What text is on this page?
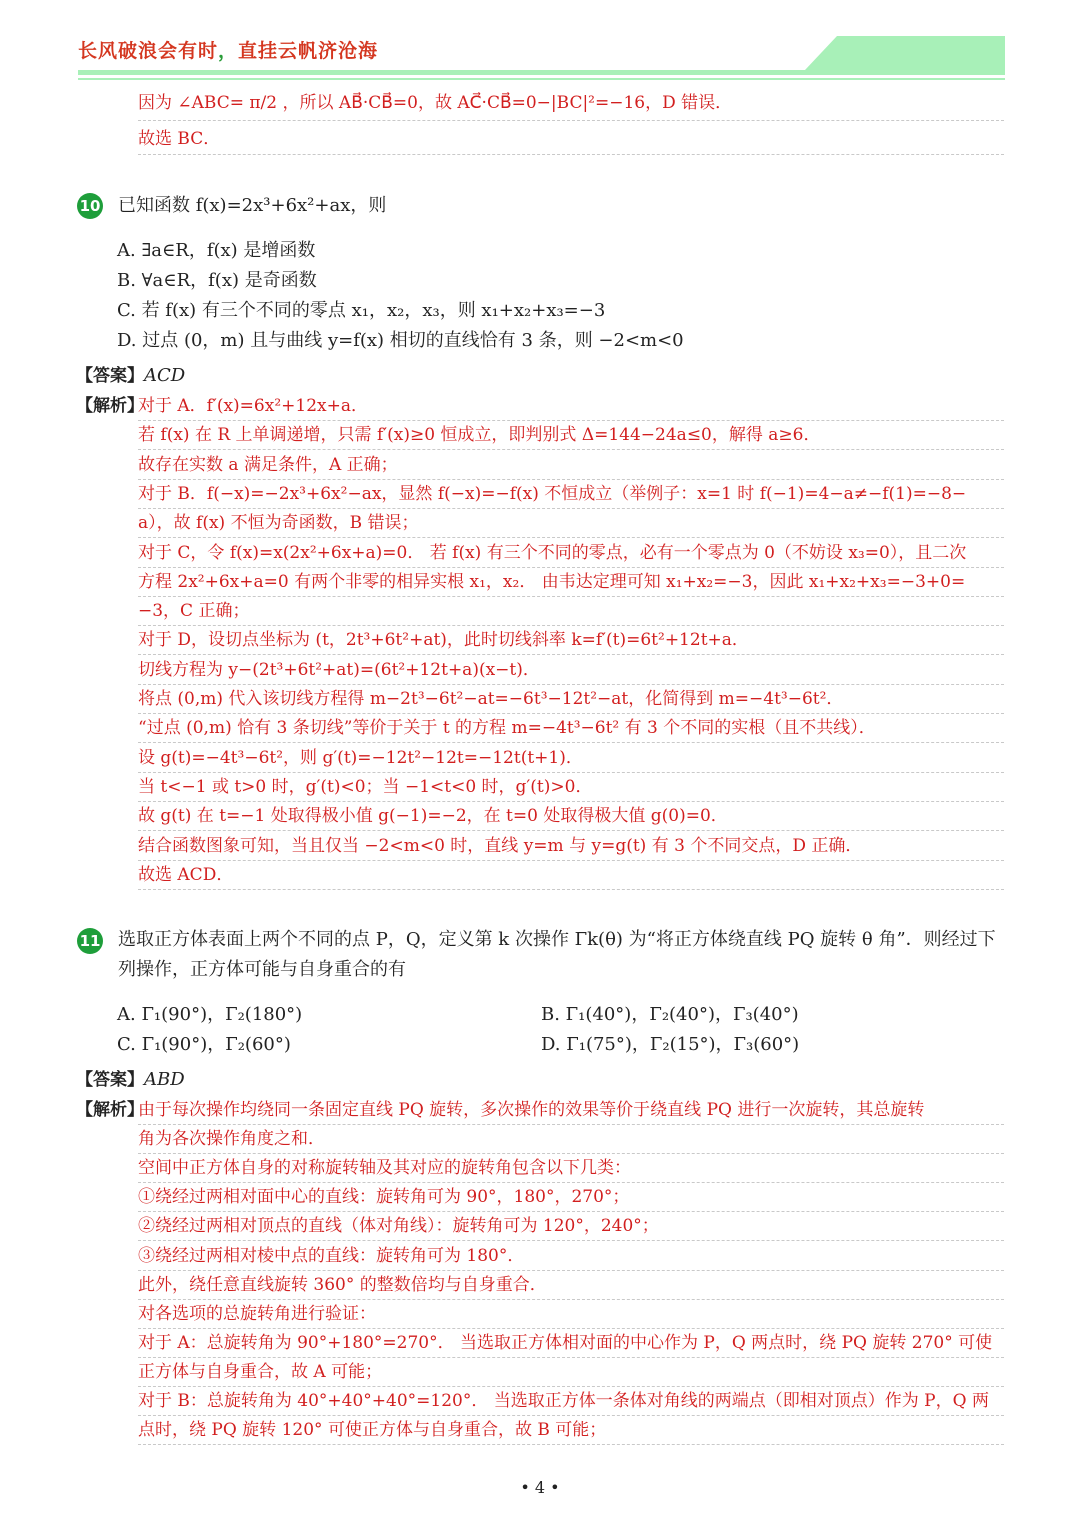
长风破浪会有时，直挂云帆济沧海
因为 ∠ABC= π/2 ，所以 AB⃗·CB⃗=0，故 AC⃗·CB⃗=0−|BC|²=−16，D 错误．
故选 BC．
10 已知函数 f(x)=2x³+6x²+ax，则
A. ∃a∈R，f(x) 是增函数
B. ∀a∈R，f(x) 是奇函数
C. 若 f(x) 有三个不同的零点 x₁，x₂，x₃，则 x₁+x₂+x₃=−3
D. 过点 (0，m) 且与曲线 y=f(x) 相切的直线恰有 3 条，则 −2<m<0
【答案】ACD
【解析】
对于 A．f′(x)=6x²+12x+a．
若 f(x) 在 R 上单调递增，只需 f′(x)≥0 恒成立，即判别式 Δ=144−24a≤0，解得 a≥6．
故存在实数 a 满足条件，A 正确；
对于 B．f(−x)=−2x³+6x²−ax，显然 f(−x)=−f(x) 不恒成立（举例子：x=1 时 f(−1)=4−a≠−f(1)=−8−
a），故 f(x) 不恒为奇函数，B 错误；
对于 C，令 f(x)=x(2x²+6x+a)=0． 若 f(x) 有三个不同的零点，必有一个零点为 0（不妨设 x₃=0），且二次
方程 2x²+6x+a=0 有两个非零的相异实根 x₁，x₂． 由韦达定理可知 x₁+x₂=−3，因此 x₁+x₂+x₃=−3+0=
−3，C 正确；
对于 D，设切点坐标为 (t，2t³+6t²+at)，此时切线斜率 k=f′(t)=6t²+12t+a．
切线方程为 y−(2t³+6t²+at)=(6t²+12t+a)(x−t)．
将点 (0,m) 代入该切线方程得 m−2t³−6t²−at=−6t³−12t²−at，化简得到 m=−4t³−6t²．
“过点 (0,m) 恰有 3 条切线”等价于关于 t 的方程 m=−4t³−6t² 有 3 个不同的实根（且不共线）．
设 g(t)=−4t³−6t²，则 g′(t)=−12t²−12t=−12t(t+1)．
当 t<−1 或 t>0 时，g′(t)<0；当 −1<t<0 时，g′(t)>0．
故 g(t) 在 t=−1 处取得极小值 g(−1)=−2，在 t=0 处取得极大值 g(0)=0．
结合函数图象可知，当且仅当 −2<m<0 时，直线 y=m 与 y=g(t) 有 3 个不同交点，D 正确．
故选 ACD．
11 选取正方体表面上两个不同的点 P，Q，定义第 k 次操作 Γk(θ) 为“将正方体绕直线 PQ 旋转 θ 角”．则经过下
列操作，正方体可能与自身重合的有
A. Γ₁(90°)，Γ₂(180°)	B. Γ₁(40°)，Γ₂(40°)，Γ₃(40°)
C. Γ₁(90°)，Γ₂(60°)	D. Γ₁(75°)，Γ₂(15°)，Γ₃(60°)
【答案】ABD
【解析】
由于每次操作均绕同一条固定直线 PQ 旋转，多次操作的效果等价于绕直线 PQ 进行一次旋转，其总旋转
角为各次操作角度之和．
空间中正方体自身的对称旋转轴及其对应的旋转角包含以下几类：
①绕经过两相对面中心的直线：旋转角可为 90°，180°，270°；
②绕经过两相对顶点的直线（体对角线）：旋转角可为 120°，240°；
③绕经过两相对棱中点的直线：旋转角可为 180°．
此外，绕任意直线旋转 360° 的整数倍均与自身重合．
对各选项的总旋转角进行验证：
对于 A：总旋转角为 90°+180°=270°． 当选取正方体相对面的中心作为 P，Q 两点时，绕 PQ 旋转 270° 可使
正方体与自身重合，故 A 可能；
对于 B：总旋转角为 40°+40°+40°=120°． 当选取正方体一条体对角线的两端点（即相对顶点）作为 P，Q 两
点时，绕 PQ 旋转 120° 可使正方体与自身重合，故 B 可能；
• 4 •
